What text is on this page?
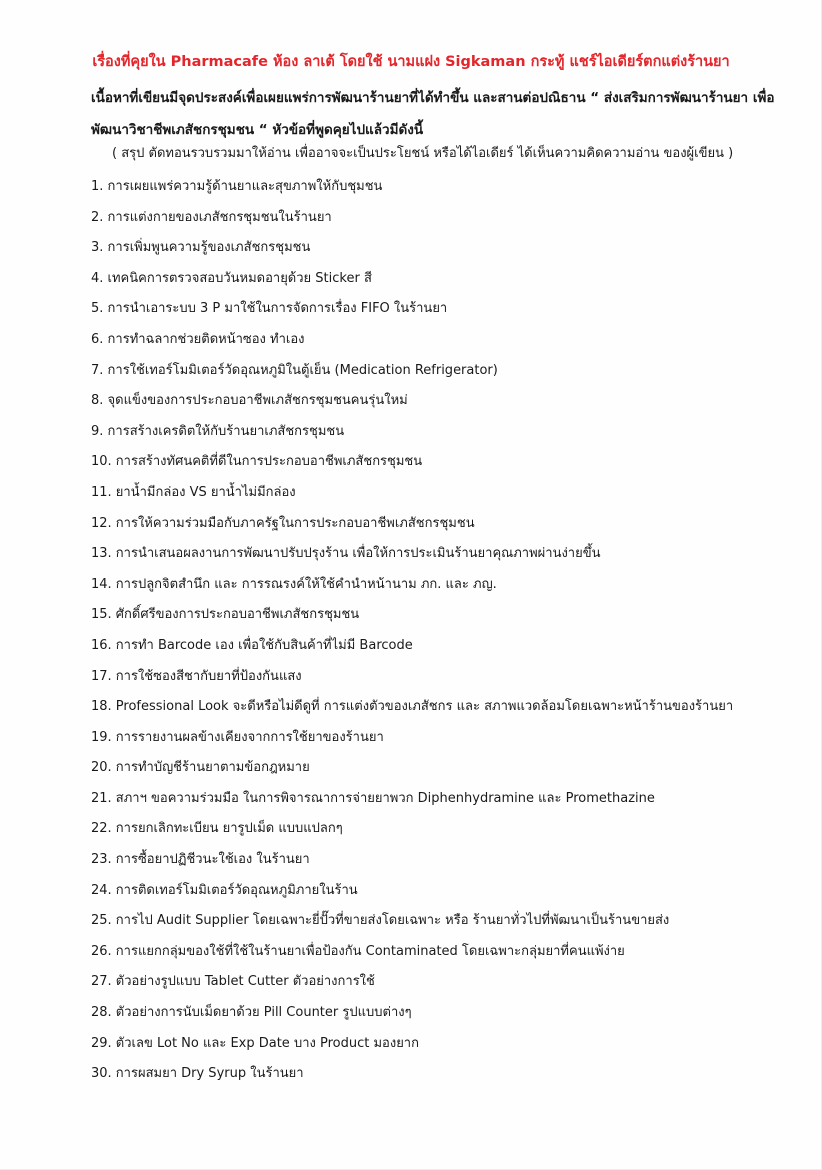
เรื่องที่คุยใน Pharmacafe ห้อง ลาเต้ โดยใช้ นามแฝง Sigkaman กระทู้ แชร์ไอเดียร์ตกแต่งร้านยา

เนื้อหาที่เขียนมีจุดประสงค์เพื่อเผยแพร่การพัฒนาร้านยาที่ได้ทำขึ้น และสานต่อปณิธาน “ ส่งเสริมการพัฒนาร้านยา เพื่อพัฒนาวิชาชีพเภสัชกรชุมชน “ หัวข้อที่พูดคุยไปแล้วมีดังนี้

( สรุป ตัดทอนรวบรวมมาให้อ่าน เพื่ออาจจะเป็นประโยชน์ หรือได้ไอเดียร์ ได้เห็นความคิดความอ่าน ของผู้เขียน )

1. การเผยแพร่ความรู้ด้านยาและสุขภาพให้กับชุมชน
2. การแต่งกายของเภสัชกรชุมชนในร้านยา
3. การเพิ่มพูนความรู้ของเภสัชกรชุมชน
4. เทคนิคการตรวจสอบวันหมดอายุด้วย Sticker สี
5. การนำเอาระบบ 3 P มาใช้ในการจัดการเรื่อง FIFO ในร้านยา
6. การทำฉลากช่วยติดหน้าซอง ทำเอง
7. การใช้เทอร์โมมิเตอร์วัดอุณหภูมิในตู้เย็น (Medication Refrigerator)
8. จุดแข็งของการประกอบอาชีพเภสัชกรชุมชนคนรุ่นใหม่
9. การสร้างเครดิตให้กับร้านยาเภสัชกรชุมชน
10. การสร้างทัศนคติที่ดีในการประกอบอาชีพเภสัชกรชุมชน
11. ยาน้ำมีกล่อง VS ยาน้ำไม่มีกล่อง
12. การให้ความร่วมมือกับภาครัฐในการประกอบอาชีพเภสัชกรชุมชน
13. การนำเสนอผลงานการพัฒนาปรับปรุงร้าน เพื่อให้การประเมินร้านยาคุณภาพผ่านง่ายขึ้น
14. การปลูกจิตสำนึก และ การรณรงค์ให้ใช้คำนำหน้านาม ภก. และ ภญ.
15. ศักดิ์ศรีของการประกอบอาชีพเภสัชกรชุมชน
16. การทำ Barcode เอง เพื่อใช้กับสินค้าที่ไม่มี Barcode
17. การใช้ซองสีชากับยาที่ป้องกันแสง
18. Professional Look จะดีหรือไม่ดีดูที่ การแต่งตัวของเภสัชกร และ สภาพแวดล้อมโดยเฉพาะหน้าร้านของร้านยา
19. การรายงานผลข้างเคียงจากการใช้ยาของร้านยา
20. การทำบัญชีร้านยาตามข้อกฎหมาย
21. สภาฯ ขอความร่วมมือ ในการพิจารณาการจ่ายยาพวก Diphenhydramine และ Promethazine
22. การยกเลิกทะเบียน ยารูปเม็ด แบบแปลกๆ
23. การซื้อยาปฏิชีวนะใช้เอง ในร้านยา
24. การติดเทอร์โมมิเตอร์วัดอุณหภูมิภายในร้าน
25. การไป Audit Supplier โดยเฉพาะยี่ปั๊วที่ขายส่งโดยเฉพาะ หรือ ร้านยาทั่วไปที่พัฒนาเป็นร้านขายส่ง
26. การแยกกลุ่มของใช้ที่ใช้ในร้านยาเพื่อป้องกัน Contaminated โดยเฉพาะกลุ่มยาที่คนแพ้ง่าย
27. ตัวอย่างรูปแบบ Tablet Cutter ตัวอย่างการใช้
28. ตัวอย่างการนับเม็ดยาด้วย Pill Counter รูปแบบต่างๆ
29. ตัวเลข Lot No และ Exp Date บาง Product มองยาก
30. การผสมยา Dry Syrup ในร้านยา
